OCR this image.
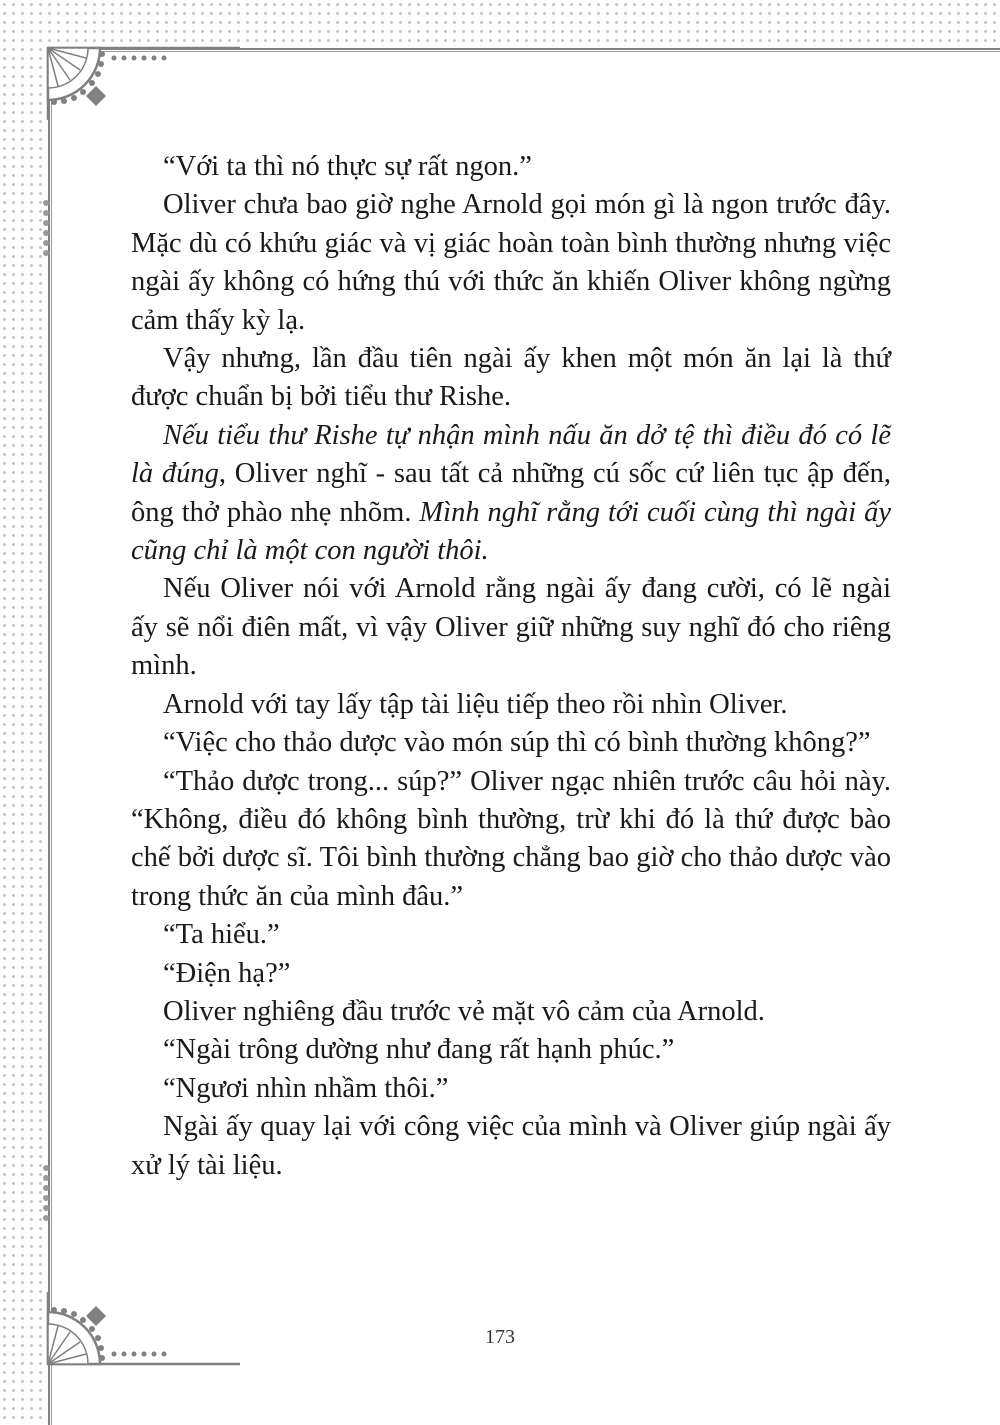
“Với ta thì nó thực sự rất ngon.”

Oliver chưa bao giờ nghe Arnold gọi món gì là ngon trước đây. Mặc dù có khứu giác và vị giác hoàn toàn bình thường nhưng việc ngài ấy không có hứng thú với thức ăn khiến Oliver không ngừng cảm thấy kỳ lạ.

Vậy nhưng, lần đầu tiên ngài ấy khen một món ăn lại là thứ được chuẩn bị bởi tiểu thư Rishe.

Nếu tiểu thư Rishe tự nhận mình nấu ăn dở tệ thì điều đó có lẽ là đúng, Oliver nghĩ - sau tất cả những cú sốc cứ liên tục ập đến, ông thở phào nhẹ nhõm. Mình nghĩ rằng tới cuối cùng thì ngài ấy cũng chỉ là một con người thôi.

Nếu Oliver nói với Arnold rằng ngài ấy đang cười, có lẽ ngài ấy sẽ nổi điên mất, vì vậy Oliver giữ những suy nghĩ đó cho riêng mình.

Arnold với tay lấy tập tài liệu tiếp theo rồi nhìn Oliver.

“Việc cho thảo dược vào món súp thì có bình thường không?”

“Thảo dược trong... súp?” Oliver ngạc nhiên trước câu hỏi này. “Không, điều đó không bình thường, trừ khi đó là thứ được bào chế bởi dược sĩ. Tôi bình thường chẳng bao giờ cho thảo dược vào trong thức ăn của mình đâu.”

“Ta hiểu.”

“Điện hạ?”

Oliver nghiêng đầu trước vẻ mặt vô cảm của Arnold.

“Ngài trông dường như đang rất hạnh phúc.”

“Ngươi nhìn nhầm thôi.”

Ngài ấy quay lại với công việc của mình và Oliver giúp ngài ấy xử lý tài liệu.

173
